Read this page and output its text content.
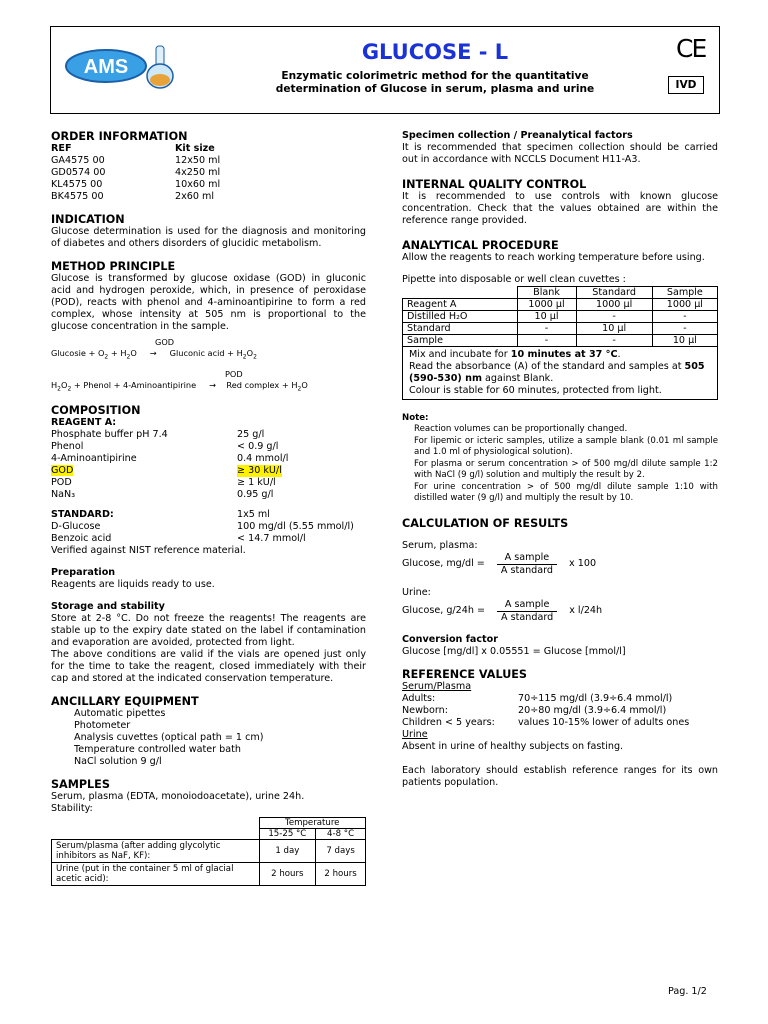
AMS
GLUCOSE - L
Enzymatic colorimetric method for the quantitative
determination of Glucose in serum, plasma and urine
CE
IVD
ORDER INFORMATION
REF	Kit size
GA4575 00	12x50 ml
GD0574 00	4x250 ml
KL4575 00	10x60 ml
BK4575 00	2x60 ml
INDICATION

Glucose determination is used for the diagnosis and monitoring of diabetes and others disorders of glucidic metabolism.

METHOD PRINCIPLE

Glucose is transformed by glucose oxidase (GOD) in gluconic acid and hydrogen peroxide, which, in presence of peroxidase (POD), reacts with phenol and 4-aminoantipirine to form a red complex, whose intensity at 505 nm is proportional to the glucose concentration in the sample.

GOD
Glucosie + $O_2 + H_2O$     →     Gluconic acid + $H_2O_2$
POD
$H_2O_2$ + Phenol + 4-Aminoantipirine     →    Red complex + $H_2O$
COMPOSITION
REAGENT A:
Phosphate buffer pH 7.4	25 g/l
Phenol	< 0.9 g/l
4-Aminoantipirine	0.4 mmol/l
GOD	≥ 30 kU/l
POD	≥ 1 kU/l
NaN₃	0.95 g/l
STANDARD:	1x5 ml
D-Glucose	100 mg/dl (5.55 mmol/l)
Benzoic acid	< 14.7 mmol/l

Verified against NIST reference material.

Preparation

Reagents are liquids ready to use.

Storage and stability

Store at 2-8 °C. Do not freeze the reagents! The reagents are stable up to the expiry date stated on the label if contamination and evaporation are avoided, protected from light.

The above conditions are valid if the vials are opened just only for the time to take the reagent, closed immediately with their cap and stored at the indicated conservation temperature.

ANCILLARY EQUIPMENT
Automatic pipettes
Photometer
Analysis cuvettes (optical path = 1 cm)
Temperature controlled water bath
NaCl solution 9 g/l
SAMPLES

Serum, plasma (EDTA, monoiodoacetate), urine 24h.

Stability:

	Temperature	
	15-25 °C	4-8 °C
Serum/plasma (after adding glycolytic inhibitors as NaF, KF):	1 day	7 days
Urine (put in the container 5 ml of glacial acetic acid):	2 hours	2 hours
Specimen collection / Preanalytical factors

It is recommended that specimen collection should be carried out in accordance with NCCLS Document H11-A3.

INTERNAL QUALITY CONTROL

It is recommended to use controls with known glucose concentration. Check that the values obtained are within the reference range provided.

ANALYTICAL PROCEDURE

Allow the reagents to reach working temperature before using.

Pipette into disposable or well clean cuvettes :

	Blank	Standard	Sample
Reagent A	1000 µl	1000 µl	1000 µl
Distilled H₂O	10 µl	-	-
Standard	-	10 µl	-
Sample	-	-	10 µl

Mix and incubate for 10 minutes at 37 °C.
Read the absorbance (A) of the standard and samples at 505 (590-530) nm against Blank.
Colour is stable for 60 minutes, protected from light.			
Note:
Reaction volumes can be proportionally changed.
For lipemic or icteric samples, utilize a sample blank (0.01 ml sample and 1.0 ml of physiological solution).
For plasma or serum concentration > of 500 mg/dl dilute sample 1:2 with NaCl (9 g/l) solution and multiply the result by 2.
For urine concentration > of 500 mg/dl dilute sample 1:10 with distilled water (9 g/l) and multiply the result by 10.
CALCULATION OF RESULTS

Serum, plasma:

Glucose, $mg/dl = \frac{\text{A sample}}{\text{A standard}}$ x 100

Urine:

Glucose, $g/24h = \frac{\text{A sample}}{\text{A standard}}$ x l/24h
Conversion factor

Glucose [mg/dl] x 0.05551 = Glucose [mmol/l]

REFERENCE VALUES
Serum/Plasma
Adults:	70÷115 mg/dl (3.9÷6.4 mmol/l)
Newborn:	20÷80 mg/dl (3.9÷6.4 mmol/l)
Children < 5 years:	values 10-15% lower of adults ones
Urine

Absent in urine of healthy subjects on fasting.

Each laboratory should establish reference ranges for its own patients population.

Pag. 1/2
